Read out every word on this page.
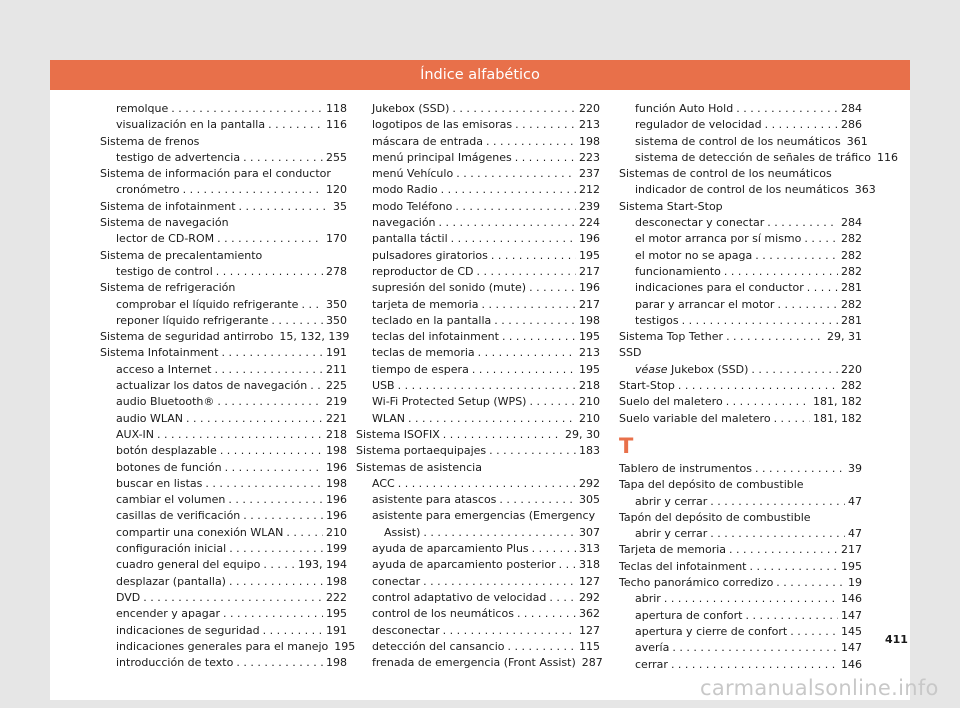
Índice alfabético
remolque . . .	118
visualización en la pantalla . . .	116
Sistema de frenos
testigo de advertencia . . .	255
Sistema de información para el conductor
cronómetro . . .	120
Sistema de infotainment . . .	35
Sistema de navegación
lector de CD-ROM . . .	170
Sistema de precalentamiento
testigo de control . . .	278
Sistema de refrigeración
comprobar el líquido refrigerante . . .	350
reponer líquido refrigerante . . .	350
Sistema de seguridad antirrobo 15, 132, 139
Sistema Infotainment . . .	191
acceso a Internet . . .	211
actualizar los datos de navegación . . . 225
audio Bluetooth® . . .	219
audio WLAN . . .	221
AUX-IN . . .	218
botón desplazable . . .	198
botones de función . . .	196
buscar en listas . . .	198
cambiar el volumen . . .	196
casillas de verificación . . .	196
compartir una conexión WLAN . . .	210
configuración inicial . . .	199
cuadro general del equipo . . .	193, 194
desplazar (pantalla) . . .	198
DVD . . .	222
encender y apagar . . .	195
indicaciones de seguridad . . .	191
indicaciones generales para el manejo 195
introducción de texto . . .	198
Jukebox (SSD) . . .	220
logotipos de las emisoras . . .	213
máscara de entrada . . .	198
menú principal Imágenes . . .	223
menú Vehículo . . .	237
modo Radio . . .	212
modo Teléfono . . .	239
navegación . . .	224
pantalla táctil . . .	196
pulsadores giratorios . . .	195
reproductor de CD . . .	217
supresión del sonido (mute) . . .	196
tarjeta de memoria . . .	217
teclado en la pantalla . . .	198
teclas del infotainment . . .	195
teclas de memoria . . .	213
tiempo de espera . . .	195
USB . . .	218
Wi-Fi Protected Setup (WPS) . . .	210
WLAN . . .	210
Sistema ISOFIX . . .	29, 30
Sistema portaequipajes . . .	183
Sistemas de asistencia
ACC . . .	292
asistente para atascos . . .	305
asistente para emergencias (Emergency
Assist) . . .	307
ayuda de aparcamiento Plus . . .	313
ayuda de aparcamiento posterior . . . 318
conectar . . .	127
control adaptativo de velocidad . . .	292
control de los neumáticos . . .	362
desconectar . . .	127
detección del cansancio . . .	115
frenada de emergencia (Front Assist) 287
función Auto Hold . . .	284
regulador de velocidad . . .	286
sistema de control de los neumáticos 361
sistema de detección de señales de tráfico 116
Sistemas de control de los neumáticos
indicador de control de los neumáticos 363
Sistema Start-Stop
desconectar y conectar . . .	284
el motor arranca por sí mismo . . .	282
el motor no se apaga . . .	282
funcionamiento . . .	282
indicaciones para el conductor . . .	281
parar y arrancar el motor . . .	282
testigos . . .	281
Sistema Top Tether . . .	29, 31
SSD
véase Jukebox (SSD) . . .	220
Start-Stop . . .	282
Suelo del maletero . . .	181, 182
Suelo variable del maletero . . .	181, 182
T
Tablero de instrumentos . . .	39
Tapa del depósito de combustible
abrir y cerrar . . .	47
Tapón del depósito de combustible
abrir y cerrar . . .	47
Tarjeta de memoria . . .	217
Teclas del infotainment . . .	195
Techo panorámico corredizo . . .	19
abrir . . .	146
apertura de confort . . .	147
apertura y cierre de confort . . .	145
avería . . .	147
cerrar . . .	146
411
carmanualsonline.info
